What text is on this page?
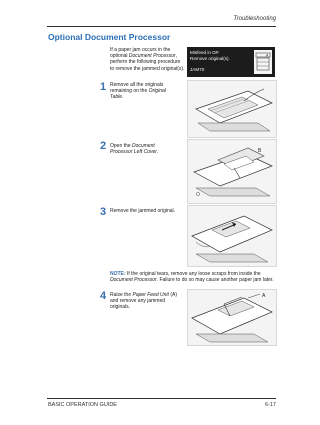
Troubleshooting
Optional Document Processor
If a paper jam occurs in the
optional Document Processor,
perform the following procedure
to remove the jammed original(s).
Misfeed in DP.
Remove original(s).
JAM70
A
1 Remove all the originals remaining on the Original Table.
2 Open the Document Processor Left Cover.	B
3 Remove the jammed original.
NOTE: If the original tears, remove any loose scraps from inside the Document Processor. Failure to do so may cause another paper jam later.
4 Raise the Paper Feed Unit (A) and remove any jammed originals.
A
BASIC OPERATION GUIDE	6-17
